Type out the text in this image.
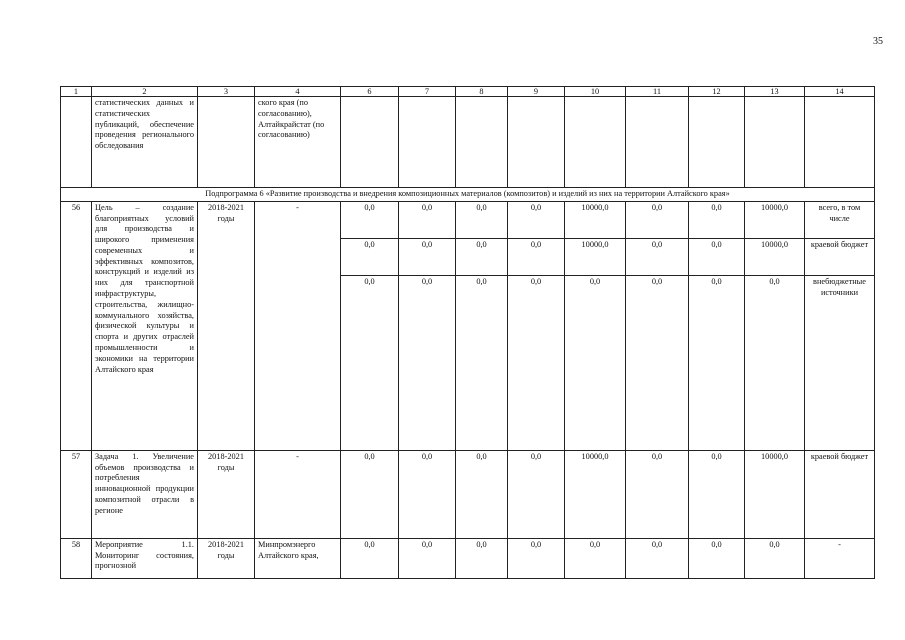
35
1	2	3	4	6	7	8	9	10	11	12	13	14
	статистических данных и статистических публикаций, обеспечение проведения регионального обследования		ского края (по согласованию), Алтайкрайстат (по согласованию)									
Подпрограмма 6 «Развитие производства и внедрения композиционных материалов (композитов) и изделий из них на территории Алтайского края»												
56	Цель – создание благоприятных условий для производства и широкого применения современных и эффективных композитов, конструкций и изделий из них для транспортной инфраструктуры, строительства, жилищно-коммунального хозяйства, физической культуры и спорта и других отраслей промышленности и экономики на территории Алтайского края	2018-2021 годы	-	0,0	0,0	0,0	0,0	10000,0	0,0	0,0	10000,0	всего, в том числе
				0,0	0,0	0,0	0,0	10000,0	0,0	0,0	10000,0	краевой бюджет
				0,0	0,0	0,0	0,0	0,0	0,0	0,0	0,0	внебюджетные источники
57	Задача 1. Увеличение объемов производства и потребления инновационной продукции композитной отрасли в регионе	2018-2021 годы	-	0,0	0,0	0,0	0,0	10000,0	0,0	0,0	10000,0	краевой бюджет
58	Мероприятие 1.1. Мониторинг состояния, прогнозной	2018-2021 годы	Минпромэнерго Алтайского края,	0,0	0,0	0,0	0,0	0,0	0,0	0,0	0,0	-
